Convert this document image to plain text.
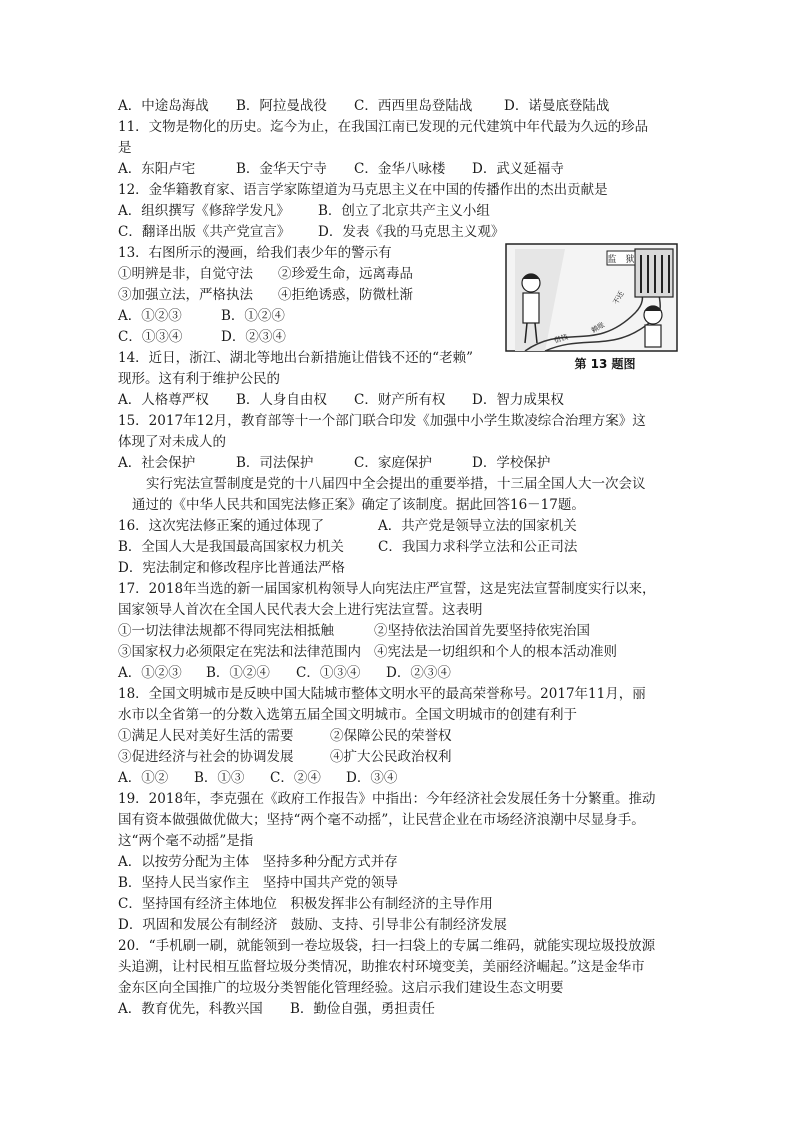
A．中途岛海战 B．阿拉曼战役 C．西西里岛登陆战 D．诺曼底登陆战
11．文物是物化的历史。迄今为止，在我国江南已发现的元代建筑中年代最为久远的珍品
是
A．东阳卢宅	B．金华天宁寺 C．金华八咏楼 D．武义延福寺
12．金华籍教育家、语言学家陈望道为马克思主义在中国的传播作出的杰出贡献是
A．组织撰写《修辞学发凡》 B．创立了北京共产主义小组
C．翻译出版《共产党宣言》 D．发表《我的马克思主义观》
13．右图所示的漫画，给我们表少年的警示有
①明辨是非，自觉守法 ②珍爱生命，远离毒品
③加强立法，严格执法 ④拒绝诱惑，防微杜渐
A．①②③	B．①②④
C．①③④	D．②③④
14．近日，浙江、湖北等地出台新措施让借钱不还的“老赖”
现形。这有利于维护公民的
A．人格尊严权 B．人身自由权 C．财产所有权 D．智力成果权
15．2017年12月，教育部等十一个部门联合印发《加强中小学生欺凌综合治理方案》这
体现了对未成人的
A．社会保护	B．司法保护	C．家庭保护	D．学校保护
实行宪法宣誓制度是党的十八届四中全会提出的重要举措，十三届全国人大一次会议
通过的《中华人民共和国宪法修正案》确定了该制度。据此回答16－17题。
16．这次宪法修正案的通过体现了	A．共产党是领导立法的国家机关
B．全国人大是我国最高国家权力机关	C．我国力求科学立法和公正司法
D．宪法制定和修改程序比普通法严格
17．2018年当选的新一届国家机构领导人向宪法庄严宣誓，这是宪法宣誓制度实行以来，
国家领导人首次在全国人民代表大会上进行宪法宣誓。这表明
①一切法律法规都不得同宪法相抵触	②坚持依法治国首先要坚持依宪治国
③国家权力必须限定在宪法和法律范围内 ④宪法是一切组织和个人的根本活动准则
A．①②③ B．①②④ C．①③④ D．②③④
18．全国文明城市是反映中国大陆城市整体文明水平的最高荣誉称号。2017年11月，丽
水市以全省第一的分数入选第五届全国文明城市。全国文明城市的创建有利于
①满足人民对美好生活的需要	②保障公民的荣誉权
③促进经济与社会的协调发展	④扩大公民政治权利
A．①② B．①③ C．②④ D．③④
19．2018年，李克强在《政府工作报告》中指出：今年经济社会发展任务十分繁重。推动
国有资本做强做优做大；坚持“两个毫不动摇”，让民营企业在市场经济浪潮中尽显身手。
这“两个毫不动摇”是指
A．以按劳分配为主体　坚持多种分配方式并存
B．坚持人民当家作主　坚持中国共产党的领导
C．坚持国有经济主体地位　积极发挥非公有制经济的主导作用
D．巩固和发展公有制经济　鼓励、支持、引导非公有制经济发展
20．“手机刷一刷，就能领到一卷垃圾袋，扫一扫袋上的专属二维码，就能实现垃圾投放源
头追溯，让村民相互监督垃圾分类情况，助推农村环境变美，美丽经济崛起。”这是金华市
金东区向全国推广的垃圾分类智能化管理经验。这启示我们建设生态文明要
A．教育优先，科教兴国 B．勤俭自强，勇担责任
监　狱
借钱
赖账
不还
第 13 题图
